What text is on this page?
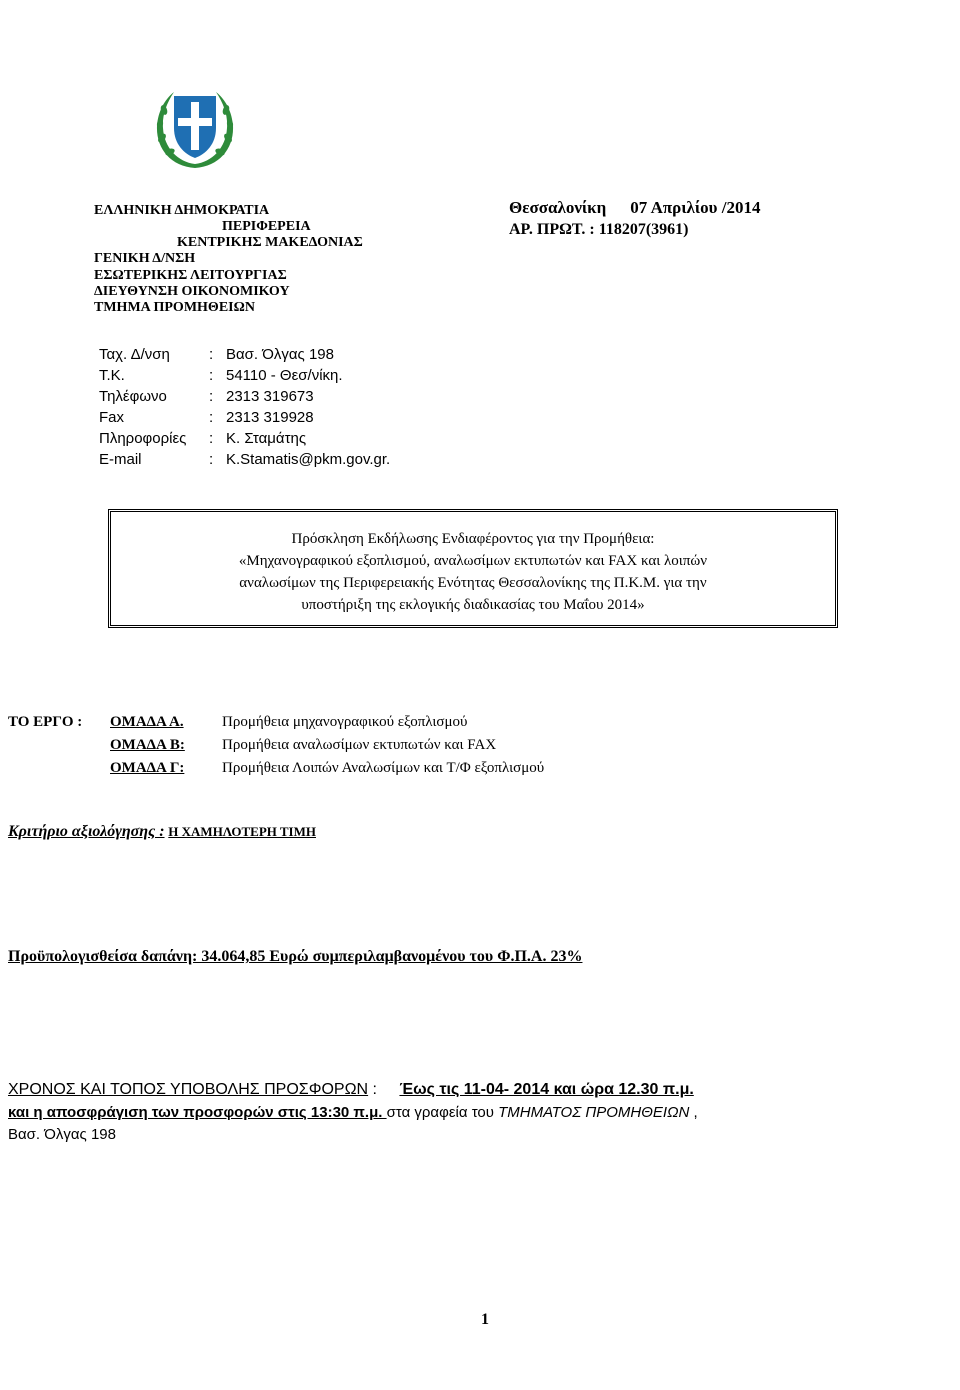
ΕΛΛΗΝΙΚΗ ΔΗΜΟΚΡΑΤΙΑ
ΠΕΡΙΦΕΡΕΙΑ
ΚΕΝΤΡΙΚΗΣ ΜΑΚΕΔΟΝΙΑΣ
ΓΕΝΙΚΗ Δ/ΝΣΗ
ΕΣΩΤΕΡΙΚΗΣ ΛΕΙΤΟΥΡΓΙΑΣ
ΔΙΕΥΘΥΝΣΗ ΟΙΚΟΝΟΜΙΚΟΥ
ΤΜΗΜΑ ΠΡΟΜΗΘΕΙΩΝ
Θεσσαλονίκη 07 Απριλίου /2014
ΑΡ. ΠΡΩΤ. : 118207(3961)
Ταχ. Δ/νση	: Βασ. Όλγας 198
Τ.Κ.	: 54110 - Θεσ/νίκη.
Τηλέφωνο	: 2313 319673
Fax	: 2313 319928
Πληροφορίες : Κ. Σταμάτης
E-mail	: K.Stamatis@pkm.gov.gr.
Πρόσκληση Εκδήλωσης Ενδιαφέροντος για την Προμήθεια:
«Μηχανογραφικού εξοπλισμού, αναλωσίμων εκτυπωτών και FAX και λοιπών
αναλωσίμων της Περιφερειακής Ενότητας Θεσσαλονίκης της Π.Κ.Μ. για την
υποστήριξη της εκλογικής διαδικασίας του Μαΐου 2014»
ΤΟ ΕΡΓΟ : ΟΜΑΔΑ Α.	Προμήθεια μηχανογραφικού εξοπλισμού
ΟΜΑΔΑ Β: Προμήθεια αναλωσίμων εκτυπωτών και FAX
ΟΜΑΔΑ Γ:	Προμήθεια Λοιπών Αναλωσίμων και Τ/Φ εξοπλισμού
Κριτήριο αξιολόγησης : Η ΧΑΜΗΛΟΤΕΡΗ ΤΙΜΗ
Προϋπολογισθείσα δαπάνη: 34.064,85 Ευρώ συμπεριλαμβανομένου του Φ.Π.Α. 23%
ΧΡΟΝΟΣ ΚΑΙ ΤΟΠΟΣ ΥΠΟΒΟΛΗΣ ΠΡΟΣΦΟΡΩΝ : Έως τις 11-04- 2014 και ώρα 12.30 π.μ.
και η αποσφράγιση των προσφορών στις 13:30 π.μ. στα γραφεία του ΤΜΗΜΑΤΟΣ ΠΡΟΜΗΘΕΙΩΝ ,
Βασ. Όλγας 198
1
